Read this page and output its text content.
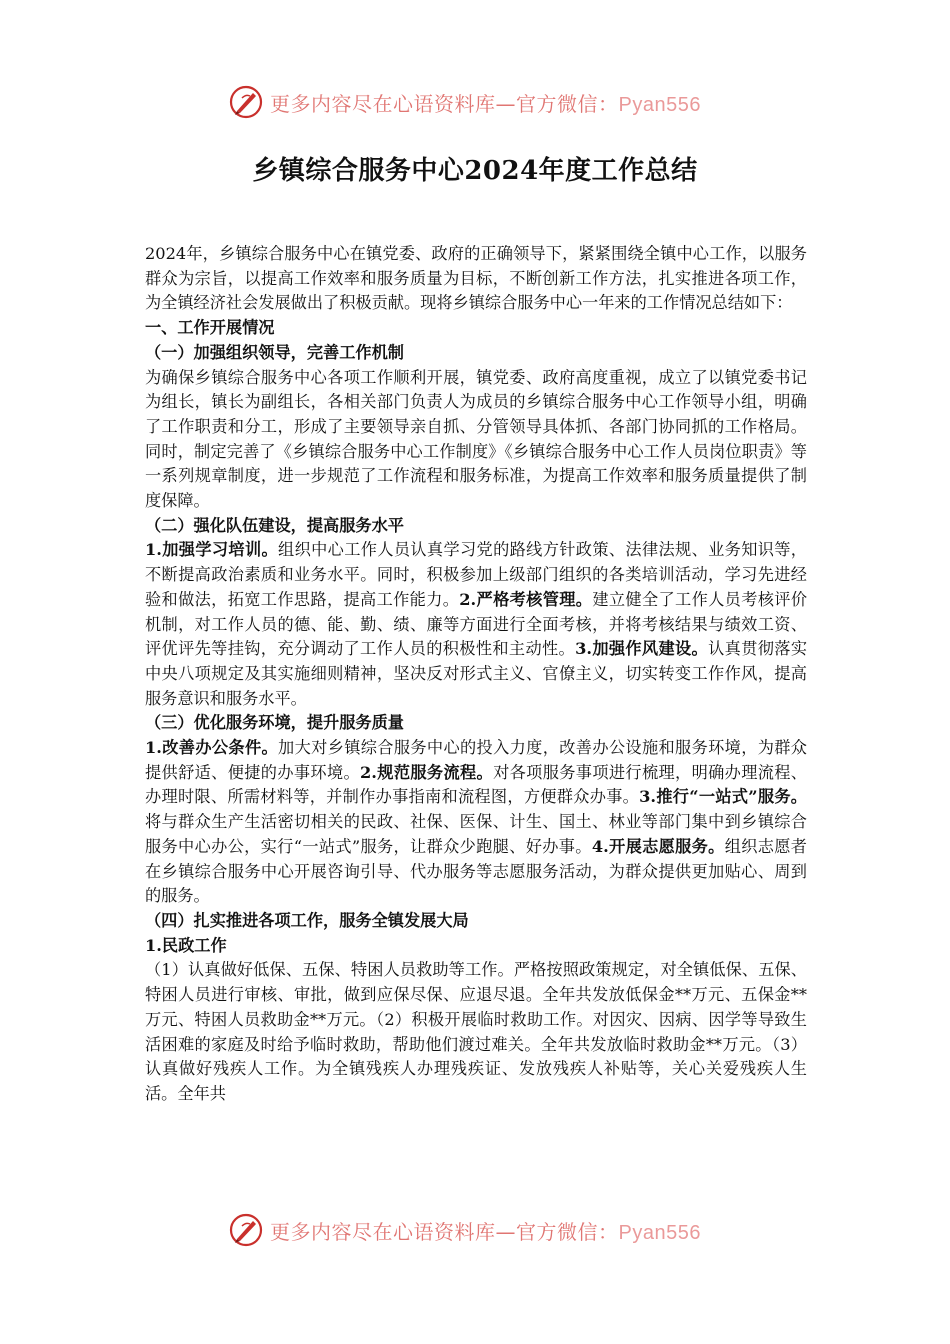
更多内容尽在心语资料库—官方微信：Pyan556
乡镇综合服务中心2024年度工作总结

2024年，乡镇综合服务中心在镇党委、政府的正确领导下，紧紧围绕全镇中心工作，以服务群众为宗旨，以提高工作效率和服务质量为目标，不断创新工作方法，扎实推进各项工作，为全镇经济社会发展做出了积极贡献。现将乡镇综合服务中心一年来的工作情况总结如下：

一、工作开展情况

（一）加强组织领导，完善工作机制

为确保乡镇综合服务中心各项工作顺利开展，镇党委、政府高度重视，成立了以镇党委书记为组长，镇长为副组长，各相关部门负责人为成员的乡镇综合服务中心工作领导小组，明确了工作职责和分工，形成了主要领导亲自抓、分管领导具体抓、各部门协同抓的工作格局。同时，制定完善了《乡镇综合服务中心工作制度》《乡镇综合服务中心工作人员岗位职责》等一系列规章制度，进一步规范了工作流程和服务标准，为提高工作效率和服务质量提供了制度保障。

（二）强化队伍建设，提高服务水平

1.加强学习培训。组织中心工作人员认真学习党的路线方针政策、法律法规、业务知识等，不断提高政治素质和业务水平。同时，积极参加上级部门组织的各类培训活动，学习先进经验和做法，拓宽工作思路，提高工作能力。2.严格考核管理。建立健全了工作人员考核评价机制，对工作人员的德、能、勤、绩、廉等方面进行全面考核，并将考核结果与绩效工资、评优评先等挂钩，充分调动了工作人员的积极性和主动性。3.加强作风建设。认真贯彻落实中央八项规定及其实施细则精神，坚决反对形式主义、官僚主义，切实转变工作作风，提高服务意识和服务水平。

（三）优化服务环境，提升服务质量

1.改善办公条件。加大对乡镇综合服务中心的投入力度，改善办公设施和服务环境，为群众提供舒适、便捷的办事环境。2.规范服务流程。对各项服务事项进行梳理，明确办理流程、办理时限、所需材料等，并制作办事指南和流程图，方便群众办事。3.推行“一站式”服务。将与群众生产生活密切相关的民政、社保、医保、计生、国土、林业等部门集中到乡镇综合服务中心办公，实行“一站式”服务，让群众少跑腿、好办事。4.开展志愿服务。组织志愿者在乡镇综合服务中心开展咨询引导、代办服务等志愿服务活动，为群众提供更加贴心、周到的服务。

（四）扎实推进各项工作，服务全镇发展大局

1.民政工作

（1）认真做好低保、五保、特困人员救助等工作。严格按照政策规定，对全镇低保、五保、特困人员进行审核、审批，做到应保尽保、应退尽退。全年共发放低保金**万元、五保金**万元、特困人员救助金**万元。（2）积极开展临时救助工作。对因灾、因病、因学等导致生活困难的家庭及时给予临时救助，帮助他们渡过难关。全年共发放临时救助金**万元。（3）认真做好残疾人工作。为全镇残疾人办理残疾证、发放残疾人补贴等，关心关爱残疾人生活。全年共

更多内容尽在心语资料库—官方微信：Pyan556
